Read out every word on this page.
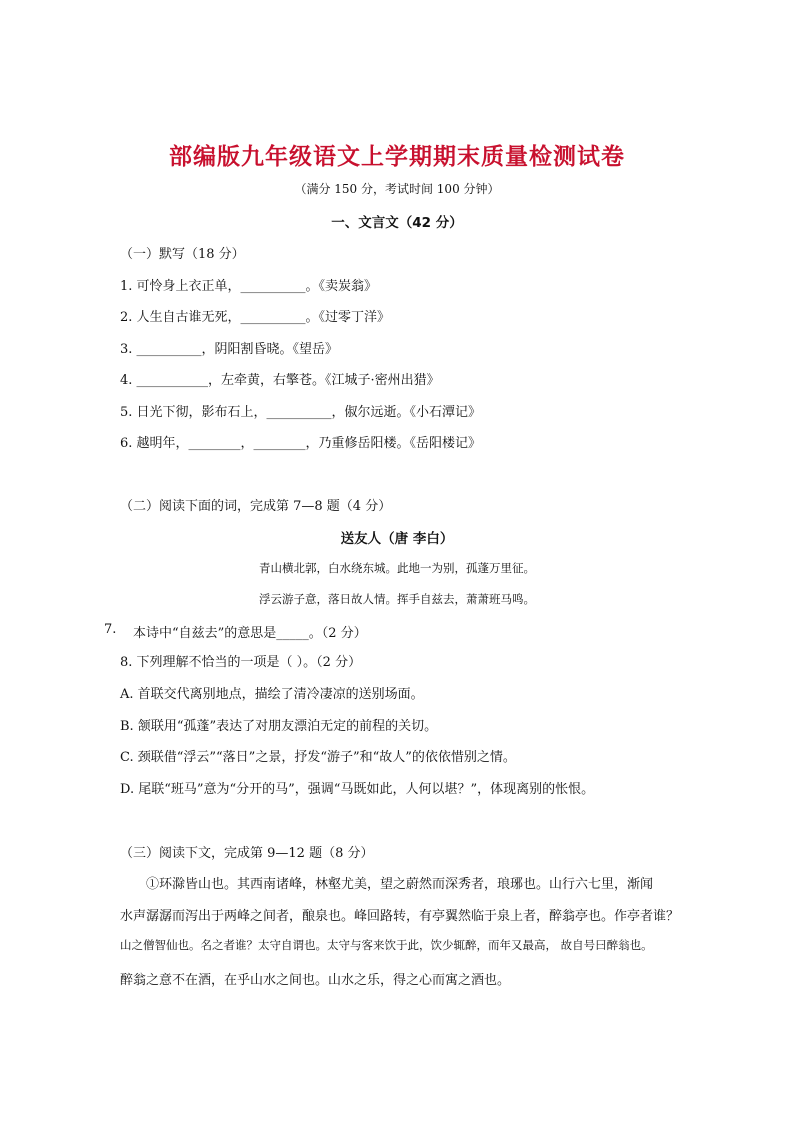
部编版九年级语文上学期期末质量检测试卷
（满分 150 分，考试时间 100 分钟）
一、文言文（42 分）
（一）默写（18 分）
1. 可怜身上衣正单，__________。《卖炭翁》
2. 人生自古谁无死，__________。《过零丁洋》
3. __________，阴阳割昏晓。《望岳》
4. ___________，左牵黄，右擎苍。《江城子·密州出猎》
5. 日光下彻，影布石上，__________，俶尔远逝。《小石潭记》
6. 越明年，________，________，乃重修岳阳楼。《岳阳楼记》
（二）阅读下面的词，完成第 7—8 题（4 分）
送友人（唐 李白）
青山横北郭，白水绕东城。此地一为别，孤蓬万里征。
浮云游子意，落日故人情。挥手自兹去，萧萧班马鸣。
7. 本诗中“自兹去”的意思是_____。（2 分）
8. 下列理解不恰当的一项是（ ）。（2 分）
A. 首联交代离别地点，描绘了清冷凄凉的送别场面。
B. 颔联用“孤蓬”表达了对朋友漂泊无定的前程的关切。
C. 颈联借“浮云”“落日”之景，抒发“游子”和“故人”的依依惜别之情。
D. 尾联“班马”意为“分开的马”，强调“马既如此，人何以堪？”，体现离别的怅恨。
（三）阅读下文，完成第 9—12 题（8 分）
①环滁皆山也。其西南诸峰，林壑尤美，望之蔚然而深秀者，琅琊也。山行六七里，渐闻
水声潺潺而泻出于两峰之间者，酿泉也。峰回路转，有亭翼然临于泉上者，醉翁亭也。作亭者谁？
山之僧智仙也。名之者谁？太守自谓也。太守与客来饮于此，饮少辄醉，而年又最高， 故自号曰醉翁也。
醉翁之意不在酒，在乎山水之间也。山水之乐，得之心而寓之酒也。
